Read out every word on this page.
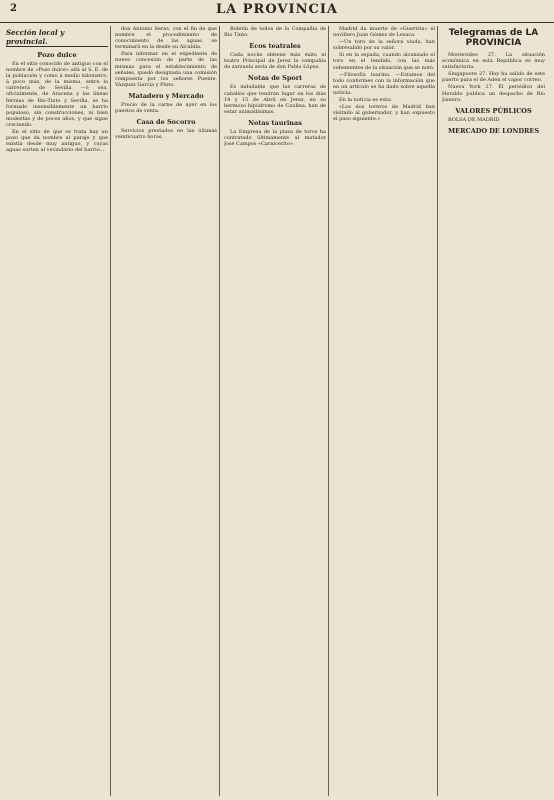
2	LA PROVINCIA
Sección local y provincial.
Pozo dulce

En el sitio conocido de antiguo con el nombre de «Pozo dulce» allá al S. E. de la población y como á medio kilómetro, á poco más, de la misma, entre la carretera de Sevilla —ó sea, oficialmente, de Aracena y las líneas férreas de Río-Tinto y Sevilla, se ha formado insensiblemente un barrio populoso, sin construcciones, ni bien modestas y de pocos años, y que sigue creciendo.

En el sitio de que se trata hay un pozo que da nombre al paraje y que existía desde muy antiguo, y cuyas aguas surten al vecindario del barrio...

don Antonio Seras, con el fin de que nombre el procedimiento de conocimiento de las aguas, se terminará en la desde su Alcaldía.

Para informar en el expediente de nuevo concesión de parte de las mismas para el establecimiento de señales, quedó designada una comisión compuesta por los señores Puente, Vázquez García y Pinto.

Matadero y Mercado

Precio de la carne de ayer en los puestos de venta.

Casa de Socorro

Servicios prestados en las últimas veinticuatro horas.

Boletín de todos de la Compañía de Río Tinto.

Ecos teatrales

Cada noche obtiene más éxito el teatro Principal de Jerez la compañía de zarzuela seria de don Pablo López.

Notas de Sport

Es indudable que las carreras de caballos que tendrán lugar en los días 14 y 15 de Abril en Jerez, en su hermoso hipódromo de Caulina, han de estar animadísimas.

Notas taurinas

La Empresa de la plaza de toros ha contratado últimamente al matador José Campos «Carnicerito».

Madrid da muerte de «Guerrita» el novillero Juan Gómez de Lesaca.

—Un toro de la señora viuda, han sobresalido por su valor.

Si en la espada, cuando alcanzado el toro en el tendido, con las más vehementes de la situación que se notó.

—Filosofía taurina. —Estamos del todo conformes con la información que en un artículo se ha dado sobre aquella noticia.

En la noticia es esta:

«Los dos toreros de Madrid han visitado al gobernador, y han expuesto el paso siguiente.»

Telegramas de LA PROVINCIA

Montevideo 27. La situación económica en esta República es muy satisfactoria.

Singapoore 27. Hoy ha salido de este puerto para el de Aden el vapor correo.

Nueva York 27. El periódico del Heraldo publica un despacho de Río Janeiro.

VALORES PÚBLICOS

BOLSA DE MADRID

MERCADO DE LONDRES
